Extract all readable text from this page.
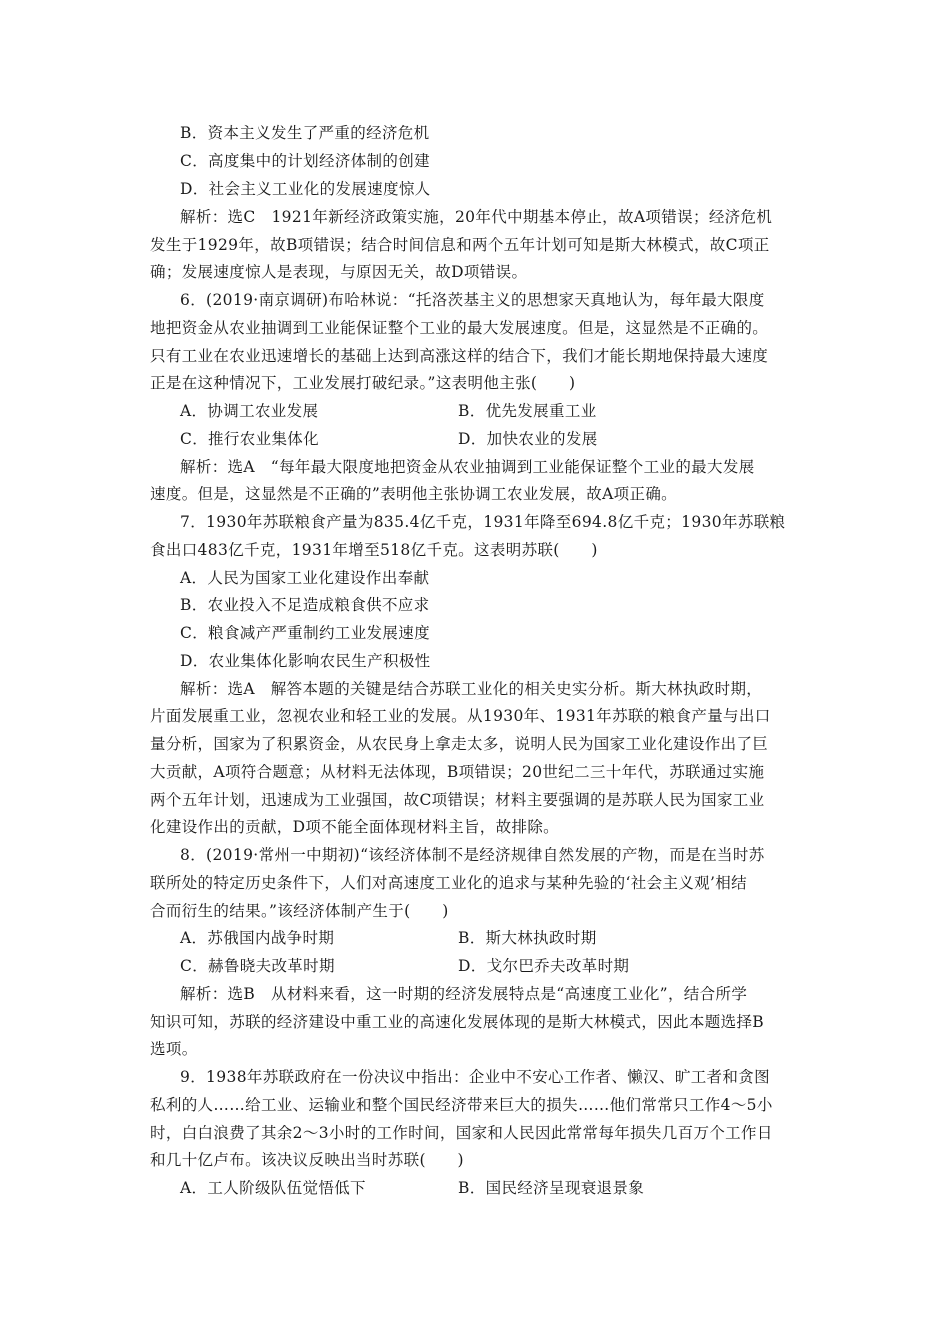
B．资本主义发生了严重的经济危机
C．高度集中的计划经济体制的创建
D．社会主义工业化的发展速度惊人
解析：选C　1921年新经济政策实施，20年代中期基本停止，故A项错误；经济危机
发生于1929年，故B项错误；结合时间信息和两个五年计划可知是斯大林模式，故C项正
确；发展速度惊人是表现，与原因无关，故D项错误。
6．(2019·南京调研)布哈林说：“托洛茨基主义的思想家天真地认为，每年最大限度
地把资金从农业抽调到工业能保证整个工业的最大发展速度。但是，这显然是不正确的。
只有工业在农业迅速增长的基础上达到高涨这样的结合下，我们才能长期地保持最大速度
正是在这种情况下，工业发展打破纪录。”这表明他主张(　　)
A．协调工农业发展	B．优先发展重工业
C．推行农业集体化	D．加快农业的发展
解析：选A　“每年最大限度地把资金从农业抽调到工业能保证整个工业的最大发展
速度。但是，这显然是不正确的”表明他主张协调工农业发展，故A项正确。
7．1930年苏联粮食产量为835.4亿千克，1931年降至694.8亿千克；1930年苏联粮
食出口483亿千克，1931年增至518亿千克。这表明苏联(　　)
A．人民为国家工业化建设作出奉献
B．农业投入不足造成粮食供不应求
C．粮食减产严重制约工业发展速度
D．农业集体化影响农民生产积极性
解析：选A　解答本题的关键是结合苏联工业化的相关史实分析。斯大林执政时期，
片面发展重工业，忽视农业和轻工业的发展。从1930年、1931年苏联的粮食产量与出口
量分析，国家为了积累资金，从农民身上拿走太多，说明人民为国家工业化建设作出了巨
大贡献，A项符合题意；从材料无法体现，B项错误；20世纪二三十年代，苏联通过实施
两个五年计划，迅速成为工业强国，故C项错误；材料主要强调的是苏联人民为国家工业
化建设作出的贡献，D项不能全面体现材料主旨，故排除。
8．(2019·常州一中期初)“该经济体制不是经济规律自然发展的产物，而是在当时苏
联所处的特定历史条件下，人们对高速度工业化的追求与某种先验的‘社会主义观’相结
合而衍生的结果。”该经济体制产生于(　　)
A．苏俄国内战争时期	B．斯大林执政时期
C．赫鲁晓夫改革时期	D．戈尔巴乔夫改革时期
解析：选B　从材料来看，这一时期的经济发展特点是“高速度工业化”，结合所学
知识可知，苏联的经济建设中重工业的高速化发展体现的是斯大林模式，因此本题选择B
选项。
9．1938年苏联政府在一份决议中指出：企业中不安心工作者、懒汉、旷工者和贪图
私利的人……给工业、运输业和整个国民经济带来巨大的损失……他们常常只工作4～5小
时，白白浪费了其余2～3小时的工作时间，国家和人民因此常常每年损失几百万个工作日
和几十亿卢布。该决议反映出当时苏联(　　)
A．工人阶级队伍觉悟低下	B．国民经济呈现衰退景象
